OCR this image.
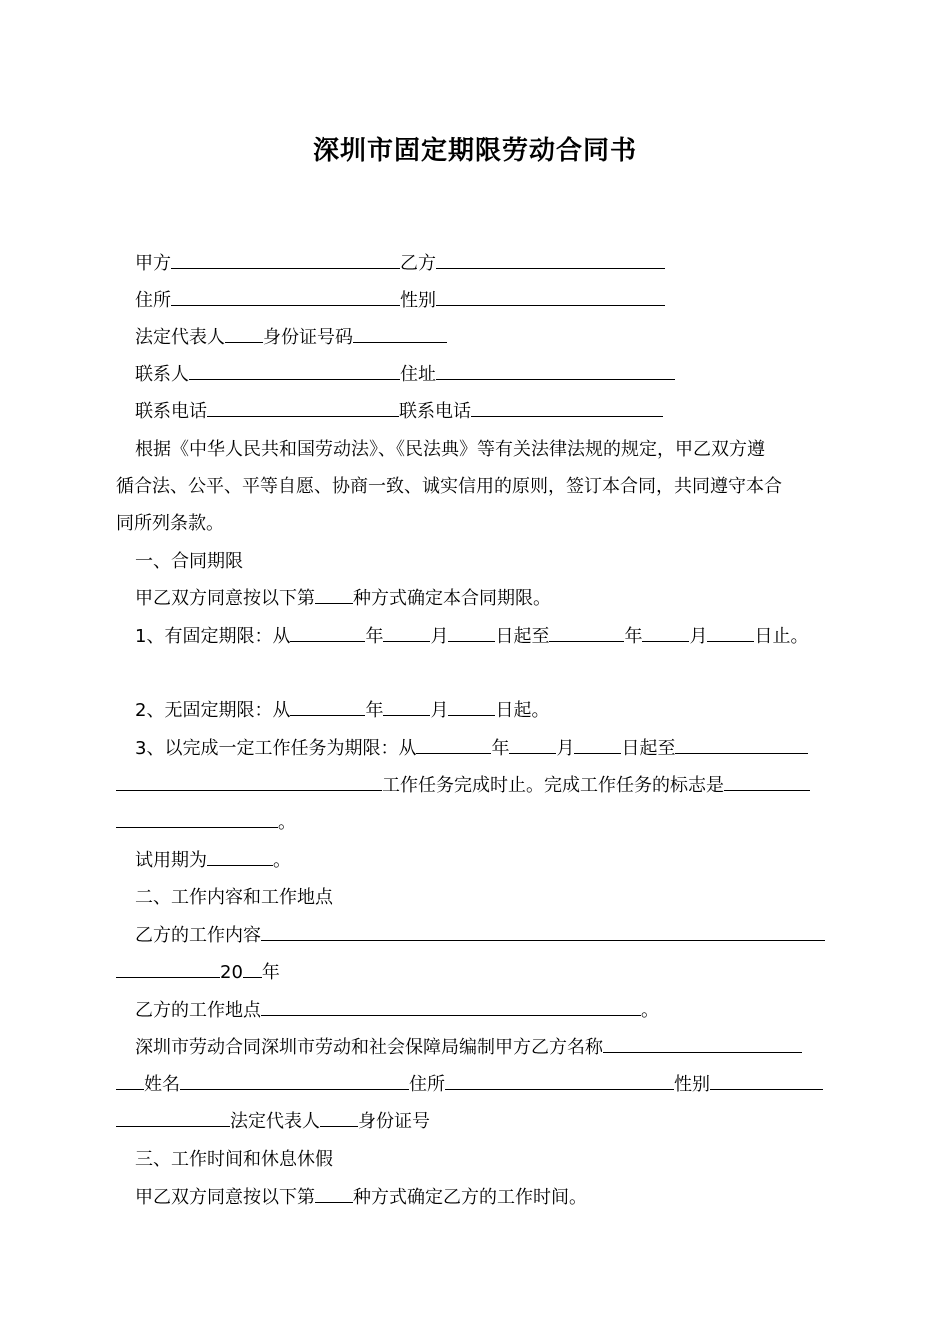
深圳市固定期限劳动合同书
甲方	乙方
住所	性别
法定代表人 身份证号码
联系人	住址
联系电话	联系电话
根据《中华人民共和国劳动法》、《民法典》等有关法律法规的规定，甲乙双方遵
循合法、公平、平等自愿、协商一致、诚实信用的原则，签订本合同，共同遵守本合
同所列条款。
一、合同期限
甲乙双方同意按以下第 种方式确定本合同期限。
1、有固定期限：从	年	月	日起至	年	月	日止。
2、无固定期限：从	年	月	日起。
3、以完成一定工作任务为期限：从	年	月	日起至
工作任务完成时止。完成工作任务的标志是
。
试用期为	。
二、工作内容和工作地点
乙方的工作内容
20 年
乙方的工作地点	。
深圳市劳动合同深圳市劳动和社会保障局编制甲方乙方名称
姓名	住所	性别
法定代表人 身份证号
三、工作时间和休息休假
甲乙双方同意按以下第 种方式确定乙方的工作时间。
